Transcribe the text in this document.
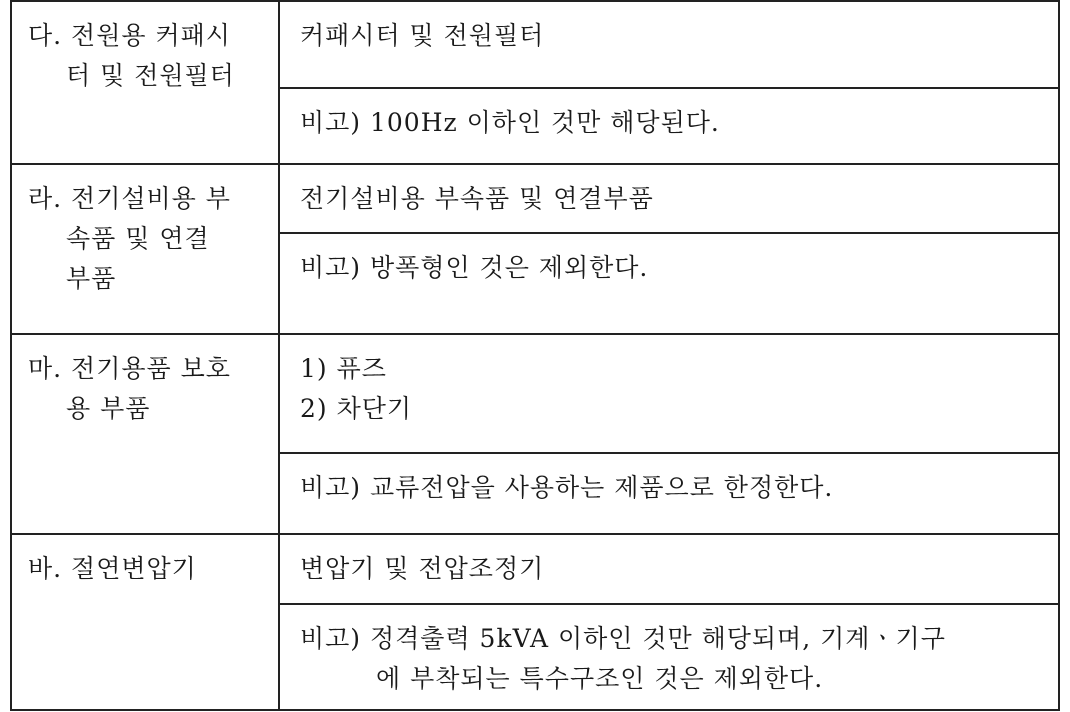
다. 전원용 커패시
터 및 전원필터	커패시터 및 전원필터

	비고) 100Hz 이하인 것만 해당된다.

라. 전기설비용 부
속품 및 연결
부품	전기설비용 부속품 및 연결부품

	비고) 방폭형인 것은 제외한다.

마. 전기용품 보호
용 부품	1) 퓨즈
2) 차단기

	비고) 교류전압을 사용하는 제품으로 한정한다.

바. 절연변압기	변압기 및 전압조정기

	비고) 정격출력 5kVA 이하인 것만 해당되며, 기계ㆍ기구
에 부착되는 특수구조인 것은 제외한다.
